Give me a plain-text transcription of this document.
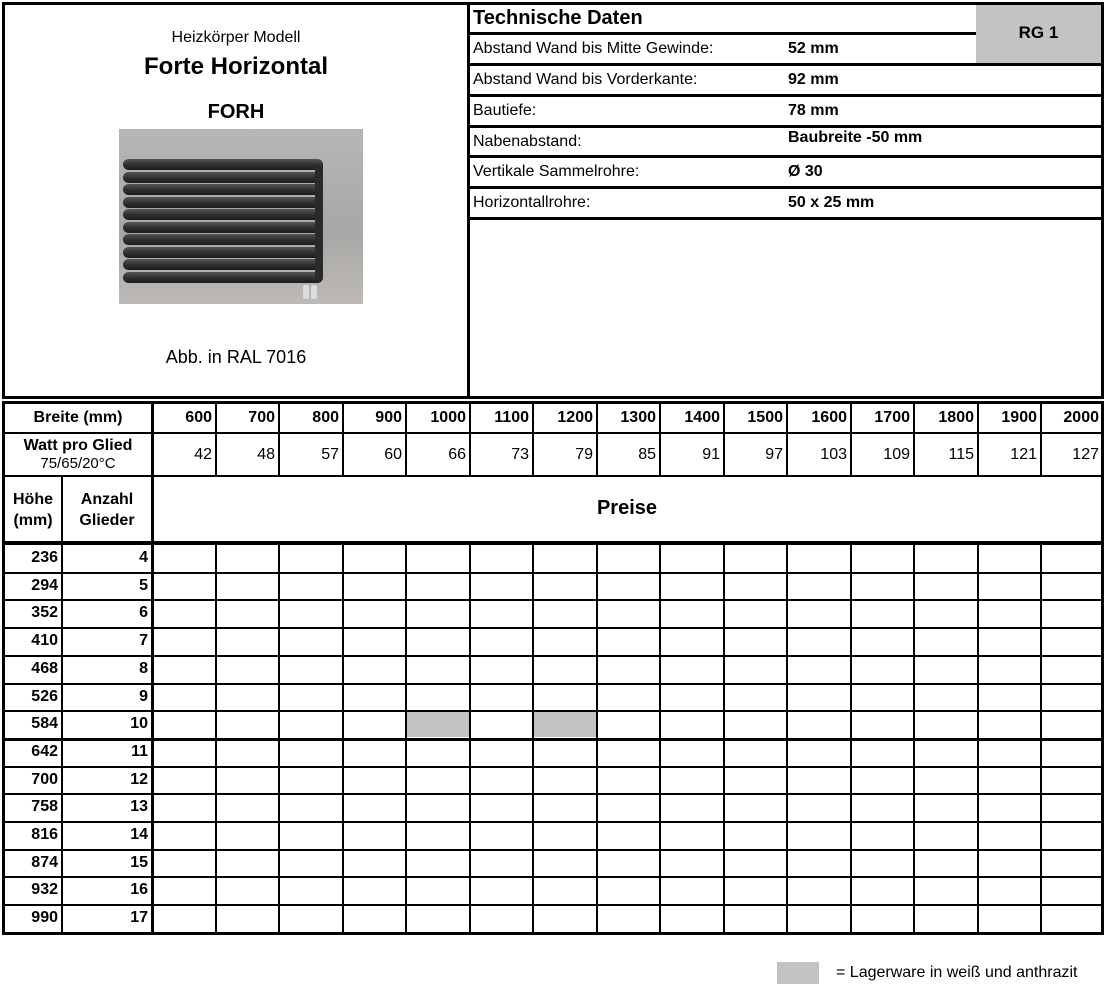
Heizkörper Modell
Forte Horizontal
FORH
Abb. in RAL 7016
Technische Daten
RG 1
Abstand Wand bis Mitte Gewinde:	52 mm
Abstand Wand bis Vorderkante:	92 mm
Bautiefe:	78 mm
Nabenabstand:	Baubreite -50 mm
Vertikale Sammelrohre:	Ø 30
Horizontallrohre:	50 x 25 mm
Breite (mm)	600	700	800	900	1000	1100	1200	1300	1400	1500	1600	1700	1800	1900	2000
Watt pro Glied
75/65/20°C
42	48	57	60	66	73	79	85	91	97	103	109	115	121	127
Höhe
(mm)
Anzahl
Glieder
Preise
236	4
294	5
352	6
410	7
468	8
526	9
584	10
642	11
700	12
758	13
816	14
874	15
932	16
990	17
= Lagerware in weiß und anthrazit
